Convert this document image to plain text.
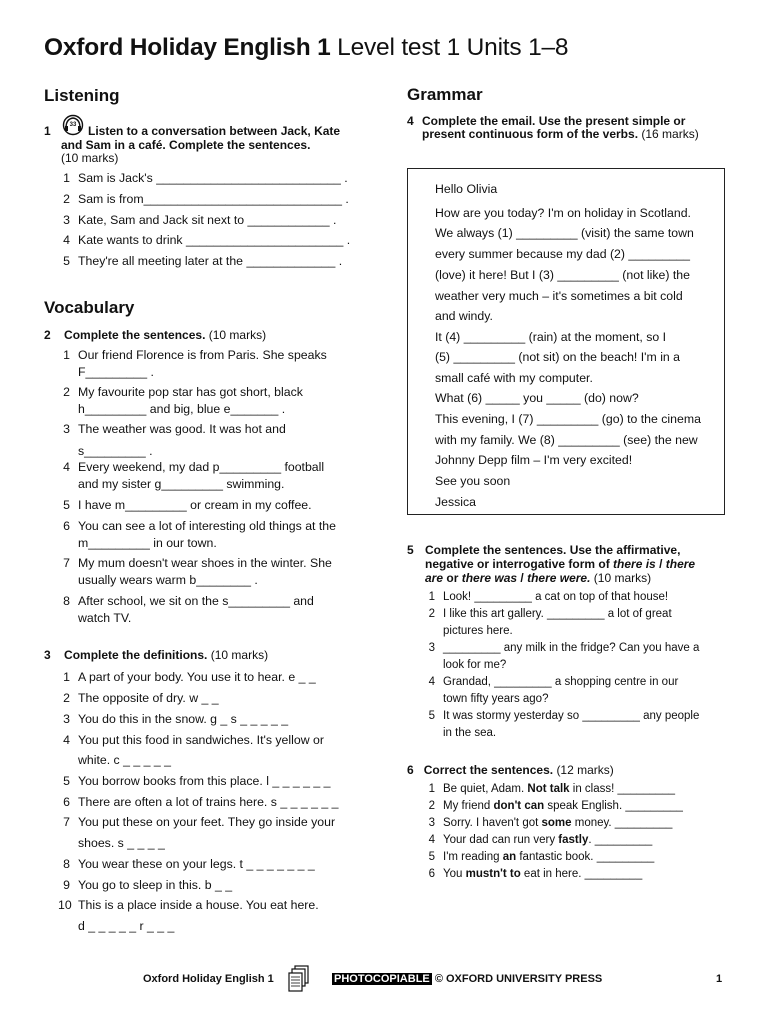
Oxford Holiday English 1 Level test 1 Units 1–8
Listening
1	33 Listen to a conversation between Jack, Kate
and Sam in a café. Complete the sentences.
(10 marks)
1 Sam is Jack's ___________________________ .
2 Sam is from_____________________________ .
3 Kate, Sam and Jack sit next to ____________ .
4 Kate wants to drink _______________________ .
5 They're all meeting later at the _____________ .
Vocabulary
2 Complete the sentences. (10 marks)
1 Our friend Florence is from Paris. She speaks
F_________ .
2 My favourite pop star has got short, black
h_________ and big, blue e_______ .
3 The weather was good. It was hot and
s_________ .
4 Every weekend, my dad p_________ football
and my sister g_________ swimming.
5 I have m_________ or cream in my coffee.
6 You can see a lot of interesting old things at the
m_________ in our town.
7 My mum doesn't wear shoes in the winter. She
usually wears warm b________ .
8 After school, we sit on the s_________ and
watch TV.
3 Complete the definitions. (10 marks)
1 A part of your body. You use it to hear. e _ _
2 The opposite of dry. w _ _
3 You do this in the snow. g _ s _ _ _ _ _
4 You put this food in sandwiches. It's yellow or
white. c _ _ _ _ _
5 You borrow books from this place. l _ _ _ _ _ _
6 There are often a lot of trains here. s _ _ _ _ _ _
7 You put these on your feet. They go inside your
shoes. s _ _ _ _
8 You wear these on your legs. t _ _ _ _ _ _ _
9 You go to sleep in this. b _ _
10 This is a place inside a house. You eat here.
d _ _ _ _ _ r _ _ _
Grammar
4 Complete the email. Use the present simple or
present continuous form of the verbs. (16 marks)
Hello Olivia
How are you today? I'm on holiday in Scotland.
We always (1) _________ (visit) the same town
every summer because my dad (2) _________
(love) it here! But I (3) _________ (not like) the
weather very much – it's sometimes a bit cold
and windy.
It (4) _________ (rain) at the moment, so I
(5) _________ (not sit) on the beach! I'm in a
small café with my computer.
What (6) _____ you _____ (do) now?
This evening, I (7) _________ (go) to the cinema
with my family. We (8) _________ (see) the new
Johnny Depp film – I'm very excited!
See you soon
Jessica
5 Complete the sentences. Use the affirmative,
negative or interrogative form of there is / there
are or there was / there were. (10 marks)
1 Look! _________ a cat on top of that house!
2 I like this art gallery. _________ a lot of great
pictures here.
3 _________ any milk in the fridge? Can you have a
look for me?
4 Grandad, _________ a shopping centre in our
town fifty years ago?
5 It was stormy yesterday so _________ any people
in the sea.
6 Correct the sentences. (12 marks)
1 Be quiet, Adam. Not talk in class! _________
2 My friend don't can speak English. _________
3 Sorry. I haven't got some money. _________
4 Your dad can run very fastly. _________
5 I'm reading an fantastic book. _________
6 You mustn't to eat in here. _________
Oxford Holiday English 1	PHOTOCOPIABLE © OXFORD UNIVERSITY PRESS	1
